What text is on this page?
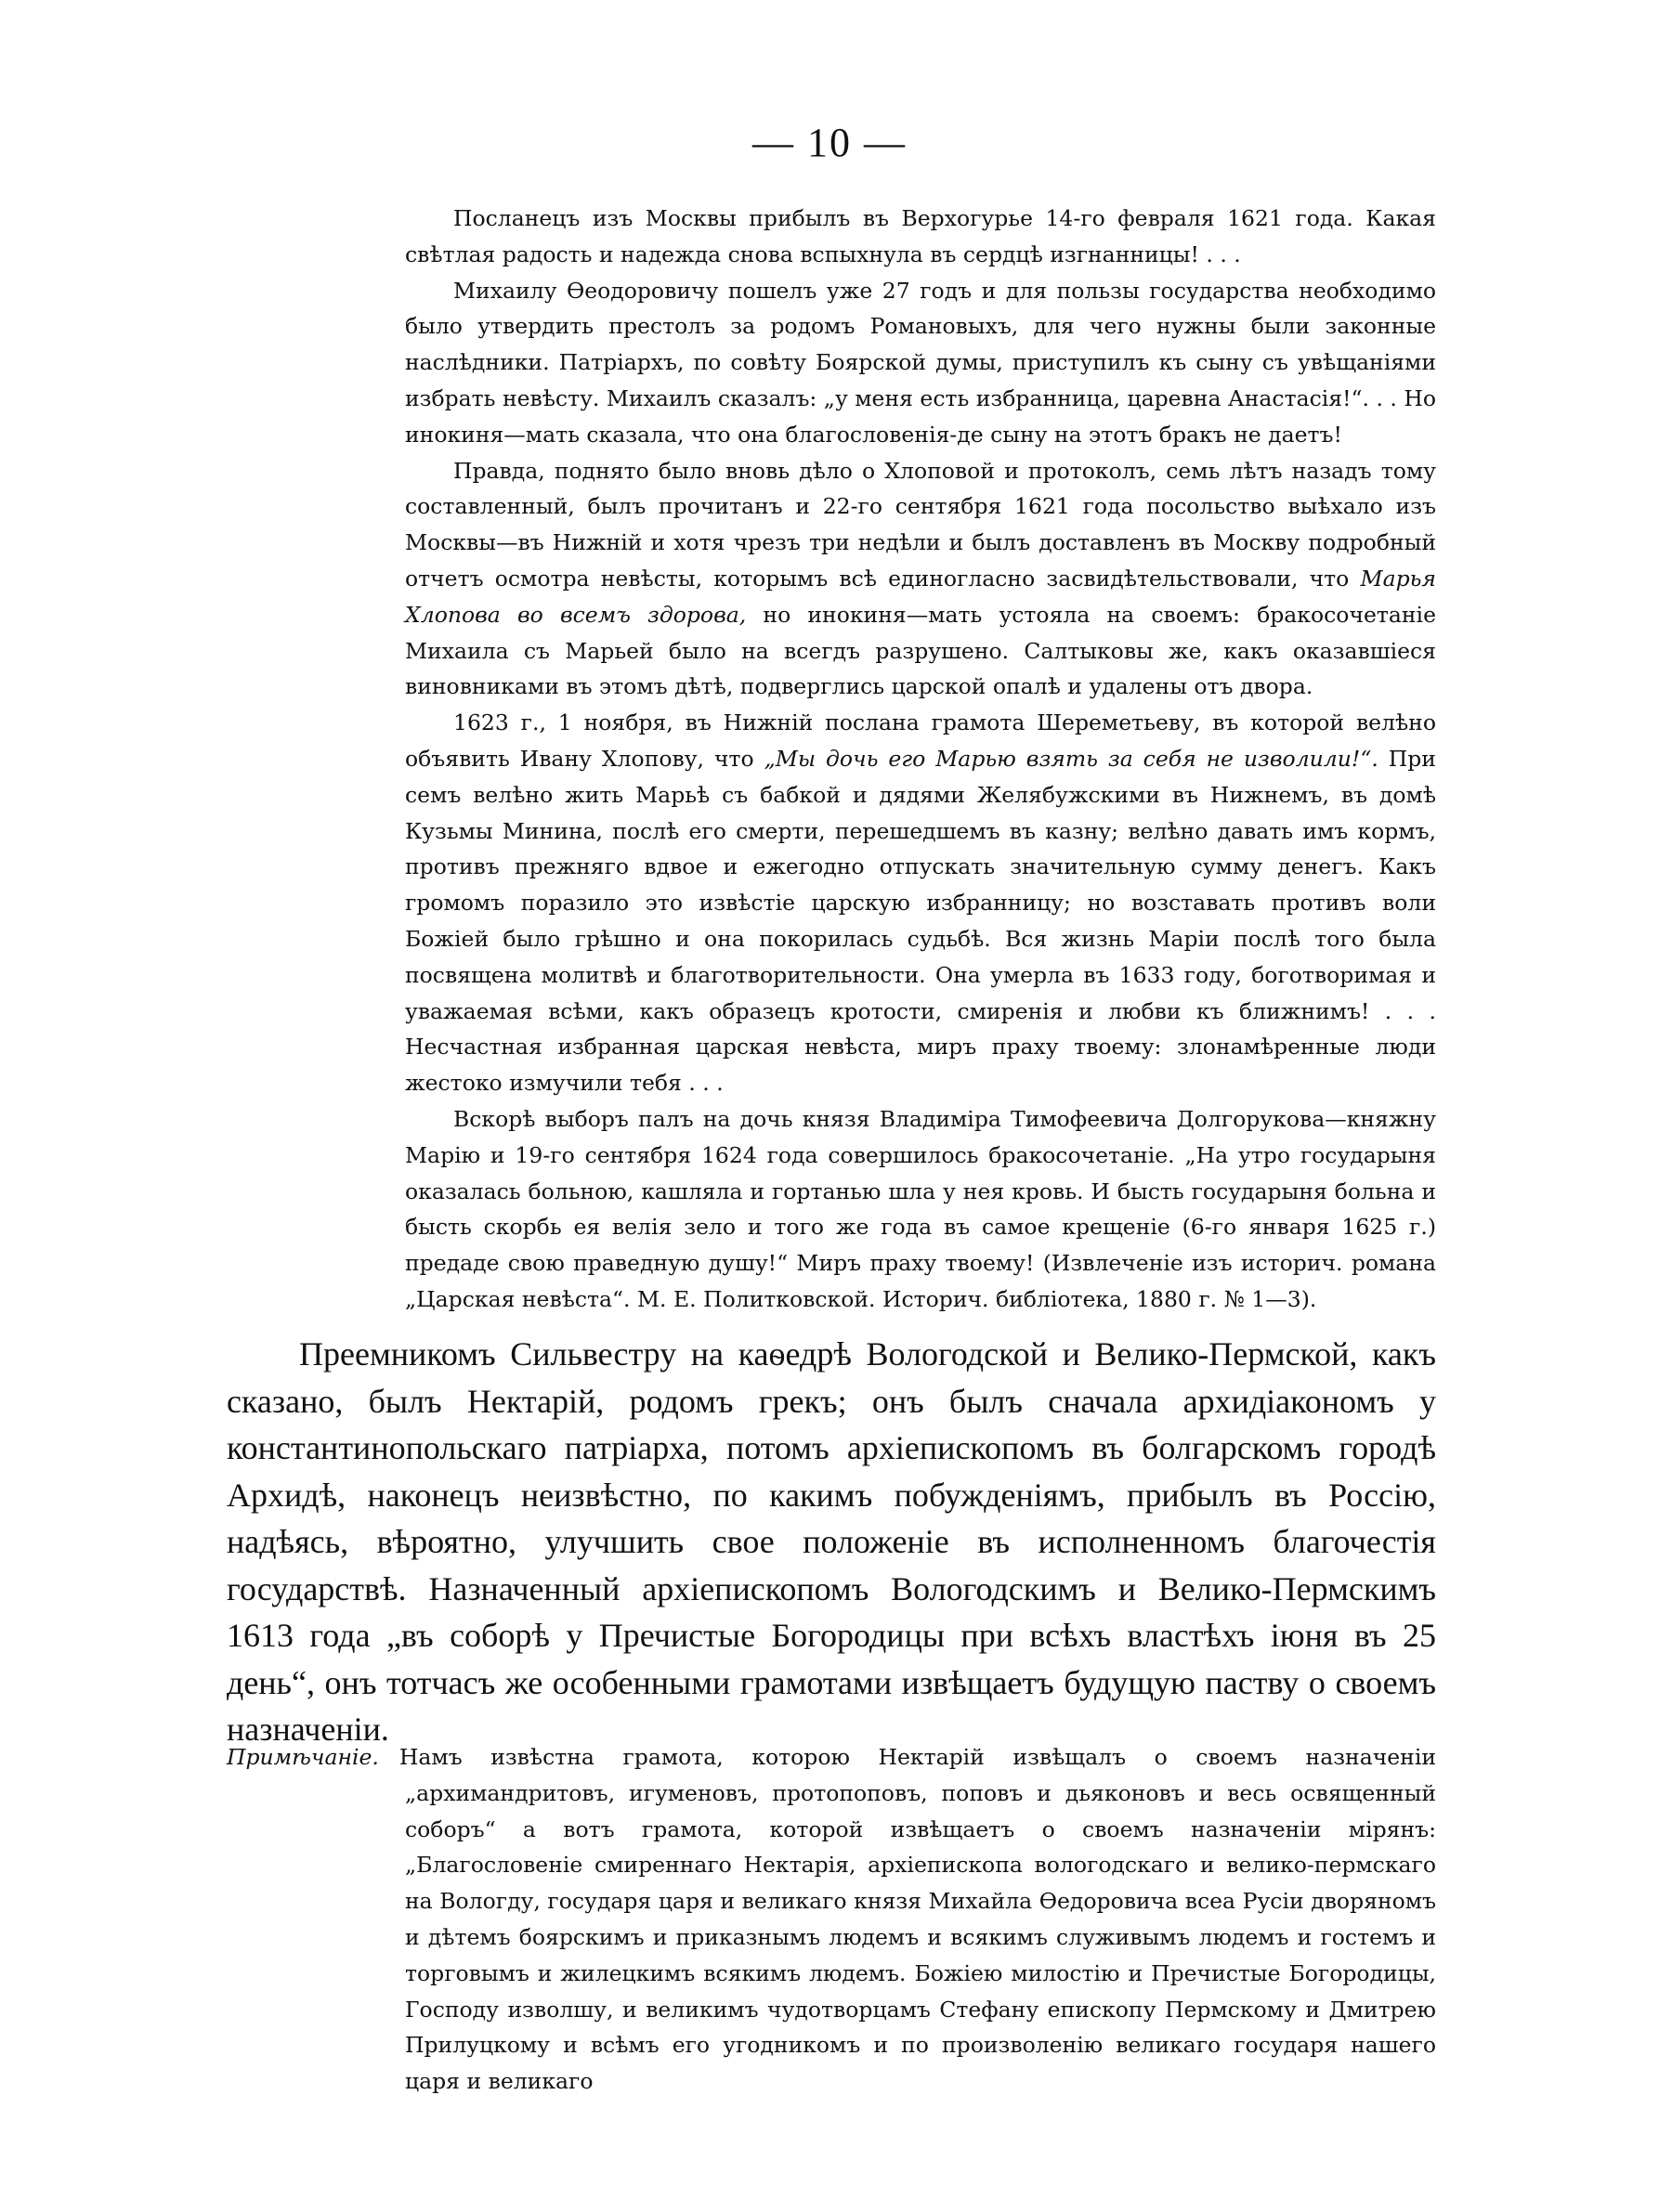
— 10 —

Посланецъ изъ Москвы прибылъ въ Верхогурье 14-го февраля 1621 года. Какая свѣтлая радость и надежда снова вспыхнула въ сердцѣ изгнанницы! . . .

Михаилу Ѳеодоровичу пошелъ уже 27 годъ и для пользы государства необходимо было утвердить престолъ за родомъ Романовыхъ, для чего нужны были законные наслѣдники. Патріархъ, по совѣту Боярской думы, приступилъ къ сыну съ увѣщаніями избрать невѣсту. Михаилъ сказалъ: „у меня есть избранница, царевна Анастасія!“. . . Но инокиня—мать сказала, что она благословенія-де сыну на этотъ бракъ не даетъ!

Правда, поднято было вновь дѣло о Хлоповой и протоколъ, семь лѣтъ назадъ тому составленный, былъ прочитанъ и 22-го сентября 1621 года посольство выѣхало изъ Москвы—въ Нижній и хотя чрезъ три недѣли и былъ доставленъ въ Москву подробный отчетъ осмотра невѣсты, которымъ всѣ единогласно засвидѣтельствовали, что Марья Хлопова во всемъ здорова, но инокиня—мать устояла на своемъ: бракосочетаніе Михаила съ Марьей было на всегдъ разрушено. Салтыковы же, какъ оказавшіеся виновниками въ этомъ дѣтѣ, подверглись царской опалѣ и удалены отъ двора.

1623 г., 1 ноября, въ Нижній послана грамота Шереметьеву, въ которой велѣно объявить Ивану Хлопову, что „Мы дочь его Марью взять за себя не изволили!“. При семъ велѣно жить Марьѣ съ бабкой и дядями Желябужскими въ Нижнемъ, въ домѣ Кузьмы Минина, послѣ его смерти, перешедшемъ въ казну; велѣно давать имъ кормъ, противъ прежняго вдвое и ежегодно отпускать значительную сумму денегъ. Какъ громомъ поразило это извѣстіе царскую избранницу; но возставать противъ воли Божіей было грѣшно и она покорилась судьбѣ. Вся жизнь Маріи послѣ того была посвящена молитвѣ и благотворительности. Она умерла въ 1633 году, боготворимая и уважаемая всѣми, какъ образецъ кротости, смиренія и любви къ ближнимъ! . . . Несчастная избранная царская невѣста, миръ праху твоему: злонамѣренные люди жестоко измучили тебя . . .

Вскорѣ выборъ палъ на дочь князя Владиміра Тимофеевича Долгорукова—княжну Марію и 19-го сентября 1624 года совершилось бракосочетаніе. „На утро государыня оказалась больною, кашляла и гортанью шла у нея кровь. И бысть государыня больна и бысть скорбь ея велія зело и того же года въ самое крещеніе (6-го января 1625 г.) предаде свою праведную душу!“ Миръ праху твоему! (Извлеченіе изъ историч. романа „Царская невѣста“. М. Е. Политковской. Историч. библіотека, 1880 г. № 1—3).

Преемникомъ Сильвестру на каѳедрѣ Вологодской и Велико-Пермской, какъ сказано, былъ Нектарій, родомъ грекъ; онъ былъ сначала архидіакономъ у константинопольскаго патріарха, потомъ архіепископомъ въ болгарскомъ городѣ Архидѣ, наконецъ неизвѣстно, по какимъ побужденіямъ, прибылъ въ Россію, надѣясь, вѣроятно, улучшить свое положеніе въ исполненномъ благочестія государствѣ. Назначенный архіепископомъ Вологодскимъ и Велико-Пермскимъ 1613 года „въ соборѣ у Пречистые Богородицы при всѣхъ властѣхъ іюня въ 25 день“, онъ тотчасъ же особенными грамотами извѣщаетъ будущую паству о своемъ назначеніи.

Примѣчаніе. Намъ извѣстна грамота, которою Нектарій извѣщалъ о своемъ назначеніи „архимандритовъ, игуменовъ, протопоповъ, поповъ и дьяконовъ и весь освященный соборъ“ а вотъ грамота, которой извѣщаетъ о своемъ назначеніи мірянъ: „Благословеніе смиреннаго Нектарія, архіепископа вологодскаго и велико-пермскаго на Вологду, государя царя и великаго князя Михайла Ѳедоровича всеа Русіи дворяномъ и дѣтемъ боярскимъ и приказнымъ людемъ и всякимъ служивымъ людемъ и гостемъ и торговымъ и жилецкимъ всякимъ людемъ. Божіею милостію и Пречистые Богородицы, Господу изволшу, и великимъ чудотворцамъ Стефану епископу Пермскому и Дмитрею Прилуцкому и всѣмъ его угодникомъ и по произволенію великаго государя нашего царя и великаго
